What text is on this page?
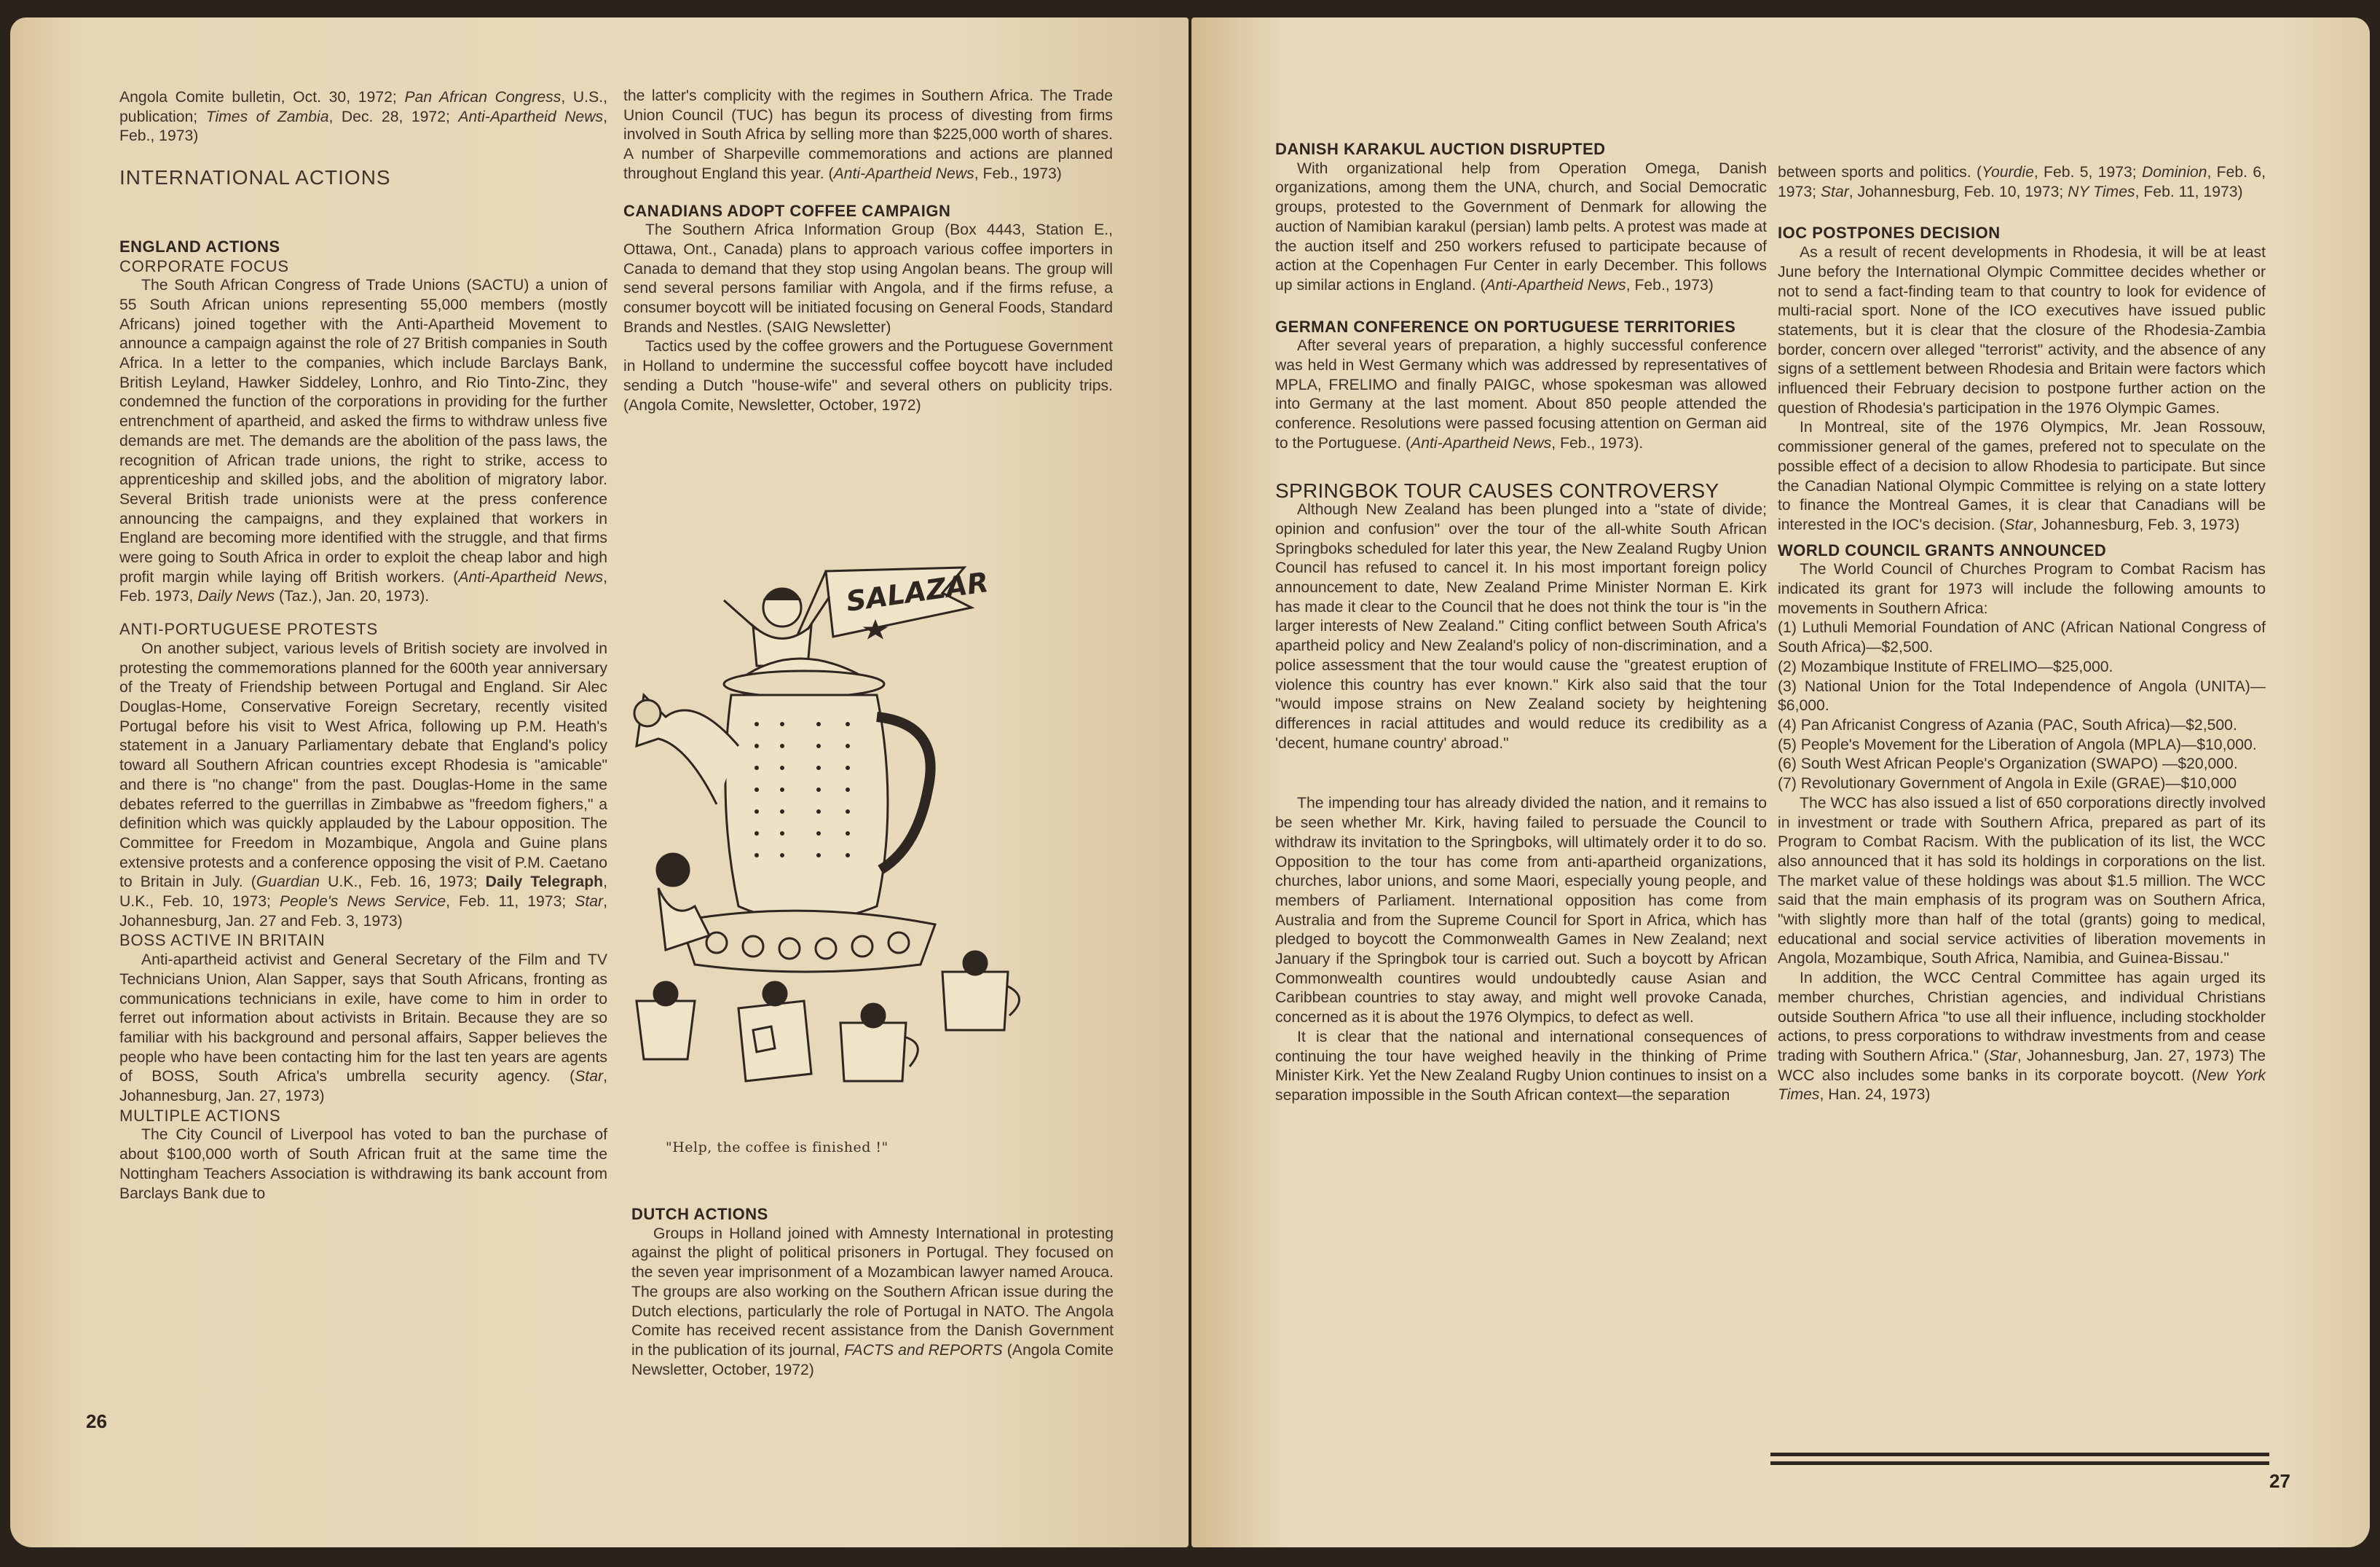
Angola Comite bulletin, Oct. 30, 1972; Pan African Congress, U.S., publication; Times of Zambia, Dec. 28, 1972; Anti-Apartheid News, Feb., 1973)

INTERNATIONAL ACTIONS
ENGLAND ACTIONS
CORPORATE FOCUS

The South African Congress of Trade Unions (SACTU) a union of 55 South African unions representing 55,000 members (mostly Africans) joined together with the Anti-Apartheid Movement to announce a campaign against the role of 27 British companies in South Africa. In a letter to the companies, which include Barclays Bank, British Leyland, Hawker Siddeley, Lonhro, and Rio Tinto-Zinc, they condemned the function of the corporations in providing for the further entrenchment of apartheid, and asked the firms to withdraw unless five demands are met. The demands are the abolition of the pass laws, the recognition of African trade unions, the right to strike, access to apprenticeship and skilled jobs, and the abolition of migratory labor. Several British trade unionists were at the press conference announcing the campaigns, and they explained that workers in England are becoming more identified with the struggle, and that firms were going to South Africa in order to exploit the cheap labor and high profit margin while laying off British workers. (Anti-Apartheid News, Feb. 1973, Daily News (Taz.), Jan. 20, 1973).

ANTI-PORTUGUESE PROTESTS

On another subject, various levels of British society are involved in protesting the commemorations planned for the 600th year anniversary of the Treaty of Friendship between Portugal and England. Sir Alec Douglas-Home, Conservative Foreign Secretary, recently visited Portugal before his visit to West Africa, following up P.M. Heath's statement in a January Parliamentary debate that England's policy toward all Southern African countries except Rhodesia is "amicable" and there is "no change" from the past. Douglas-Home in the same debates referred to the guerrillas in Zimbabwe as "freedom fighers," a definition which was quickly applauded by the Labour opposition. The Committee for Freedom in Mozambique, Angola and Guine plans extensive protests and a conference opposing the visit of P.M. Caetano to Britain in July. (Guardian U.K., Feb. 16, 1973; Daily Telegraph, U.K., Feb. 10, 1973; People's News Service, Feb. 11, 1973; Star, Johannesburg, Jan. 27 and Feb. 3, 1973)

BOSS ACTIVE IN BRITAIN

Anti-apartheid activist and General Secretary of the Film and TV Technicians Union, Alan Sapper, says that South Africans, fronting as communications technicians in exile, have come to him in order to ferret out information about activists in Britain. Because they are so familiar with his background and personal affairs, Sapper believes the people who have been contacting him for the last ten years are agents of BOSS, South Africa's umbrella security agency. (Star, Johannesburg, Jan. 27, 1973)

MULTIPLE ACTIONS

The City Council of Liverpool has voted to ban the purchase of about $100,000 worth of South African fruit at the same time the Nottingham Teachers Association is withdrawing its bank account from Barclays Bank due to

the latter's complicity with the regimes in Southern Africa. The Trade Union Council (TUC) has begun its process of divesting from firms involved in South Africa by selling more than $225,000 worth of shares. A number of Sharpeville commemorations and actions are planned throughout England this year. (Anti-Apartheid News, Feb., 1973)

CANADIANS ADOPT COFFEE CAMPAIGN

The Southern Africa Information Group (Box 4443, Station E., Ottawa, Ont., Canada) plans to approach various coffee importers in Canada to demand that they stop using Angolan beans. The group will send several persons familiar with Angola, and if the firms refuse, a consumer boycott will be initiated focusing on General Foods, Standard Brands and Nestles. (SAIG Newsletter)

Tactics used by the coffee growers and the Portuguese Government in Holland to undermine the successful coffee boycott have included sending a Dutch "house-wife" and several others on publicity trips. (Angola Comite, Newsletter, October, 1972)

SALAZAR
"Help, the coffee is finished !"
DUTCH ACTIONS

Groups in Holland joined with Amnesty International in protesting against the plight of political prisoners in Portugal. They focused on the seven year imprisonment of a Mozambican lawyer named Arouca. The groups are also working on the Southern African issue during the Dutch elections, particularly the role of Portugal in NATO. The Angola Comite has received recent assistance from the Danish Government in the publication of its journal, FACTS and REPORTS (Angola Comite Newsletter, October, 1972)

26
DANISH KARAKUL AUCTION DISRUPTED

With organizational help from Operation Omega, Danish organizations, among them the UNA, church, and Social Democratic groups, protested to the Government of Denmark for allowing the auction of Namibian karakul (persian) lamb pelts. A protest was made at the auction itself and 250 workers refused to participate because of action at the Copenhagen Fur Center in early December. This follows up similar actions in England. (Anti-Apartheid News, Feb., 1973)

GERMAN CONFERENCE ON PORTUGUESE TERRITORIES

After several years of preparation, a highly successful conference was held in West Germany which was addressed by representatives of MPLA, FRELIMO and finally PAIGC, whose spokesman was allowed into Germany at the last moment. About 850 people attended the conference. Resolutions were passed focusing attention on German aid to the Portuguese. (Anti-Apartheid News, Feb., 1973).

SPRINGBOK TOUR CAUSES CONTROVERSY

Although New Zealand has been plunged into a "state of divide; opinion and confusion" over the tour of the all-white South African Springboks scheduled for later this year, the New Zealand Rugby Union Council has refused to cancel it. In his most important foreign policy announcement to date, New Zealand Prime Minister Norman E. Kirk has made it clear to the Council that he does not think the tour is "in the larger interests of New Zealand." Citing conflict between South Africa's apartheid policy and New Zealand's policy of non-discrimination, and a police assessment that the tour would cause the "greatest eruption of violence this country has ever known." Kirk also said that the tour "would impose strains on New Zealand society by heightening differences in racial attitudes and would reduce its credibility as a 'decent, humane country' abroad."

The impending tour has already divided the nation, and it remains to be seen whether Mr. Kirk, having failed to persuade the Council to withdraw its invitation to the Springboks, will ultimately order it to do so. Opposition to the tour has come from anti-apartheid organizations, churches, labor unions, and some Maori, especially young people, and members of Parliament. International opposition has come from Australia and from the Supreme Council for Sport in Africa, which has pledged to boycott the Commonwealth Games in New Zealand; next January if the Springbok tour is carried out. Such a boycott by African Commonwealth countires would undoubtedly cause Asian and Caribbean countries to stay away, and might well provoke Canada, concerned as it is about the 1976 Olympics, to defect as well.

It is clear that the national and international consequences of continuing the tour have weighed heavily in the thinking of Prime Minister Kirk. Yet the New Zealand Rugby Union continues to insist on a separation impossible in the South African context—the separation

between sports and politics. (Yourdie, Feb. 5, 1973; Dominion, Feb. 6, 1973; Star, Johannesburg, Feb. 10, 1973; NY Times, Feb. 11, 1973)

IOC POSTPONES DECISION

As a result of recent developments in Rhodesia, it will be at least June befory the International Olympic Committee decides whether or not to send a fact-finding team to that country to look for evidence of multi-racial sport. None of the ICO executives have issued public statements, but it is clear that the closure of the Rhodesia-Zambia border, concern over alleged "terrorist" activity, and the absence of any signs of a settlement between Rhodesia and Britain were factors which influenced their February decision to postpone further action on the question of Rhodesia's participation in the 1976 Olympic Games.

In Montreal, site of the 1976 Olympics, Mr. Jean Rossouw, commissioner general of the games, prefered not to speculate on the possible effect of a decision to allow Rhodesia to participate. But since the Canadian National Olympic Committee is relying on a state lottery to finance the Montreal Games, it is clear that Canadians will be interested in the IOC's decision. (Star, Johannesburg, Feb. 3, 1973)

WORLD COUNCIL GRANTS ANNOUNCED

The World Council of Churches Program to Combat Racism has indicated its grant for 1973 will include the following amounts to movements in Southern Africa:

(1) Luthuli Memorial Foundation of ANC (African National Congress of South Africa)—$2,500.

(2) Mozambique Institute of FRELIMO—$25,000.

(3) National Union for the Total Independence of Angola (UNITA)—$6,000.

(4) Pan Africanist Congress of Azania (PAC, South Africa)—$2,500.

(5) People's Movement for the Liberation of Angola (MPLA)—$10,000.

(6) South West African People's Organization (SWAPO) —$20,000.

(7) Revolutionary Government of Angola in Exile (GRAE)—$10,000

The WCC has also issued a list of 650 corporations directly involved in investment or trade with Southern Africa, prepared as part of its Program to Combat Racism. With the publication of its list, the WCC also announced that it has sold its holdings in corporations on the list. The market value of these holdings was about $1.5 million. The WCC said that the main emphasis of its program was on Southern Africa, "with slightly more than half of the total (grants) going to medical, educational and social service activities of liberation movements in Angola, Mozambique, South Africa, Namibia, and Guinea-Bissau."

In addition, the WCC Central Committee has again urged its member churches, Christian agencies, and individual Christians outside Southern Africa "to use all their influence, including stockholder actions, to press corporations to withdraw investments from and cease trading with Southern Africa." (Star, Johannesburg, Jan. 27, 1973) The WCC also includes some banks in its corporate boycott. (New York Times, Han. 24, 1973)

27
